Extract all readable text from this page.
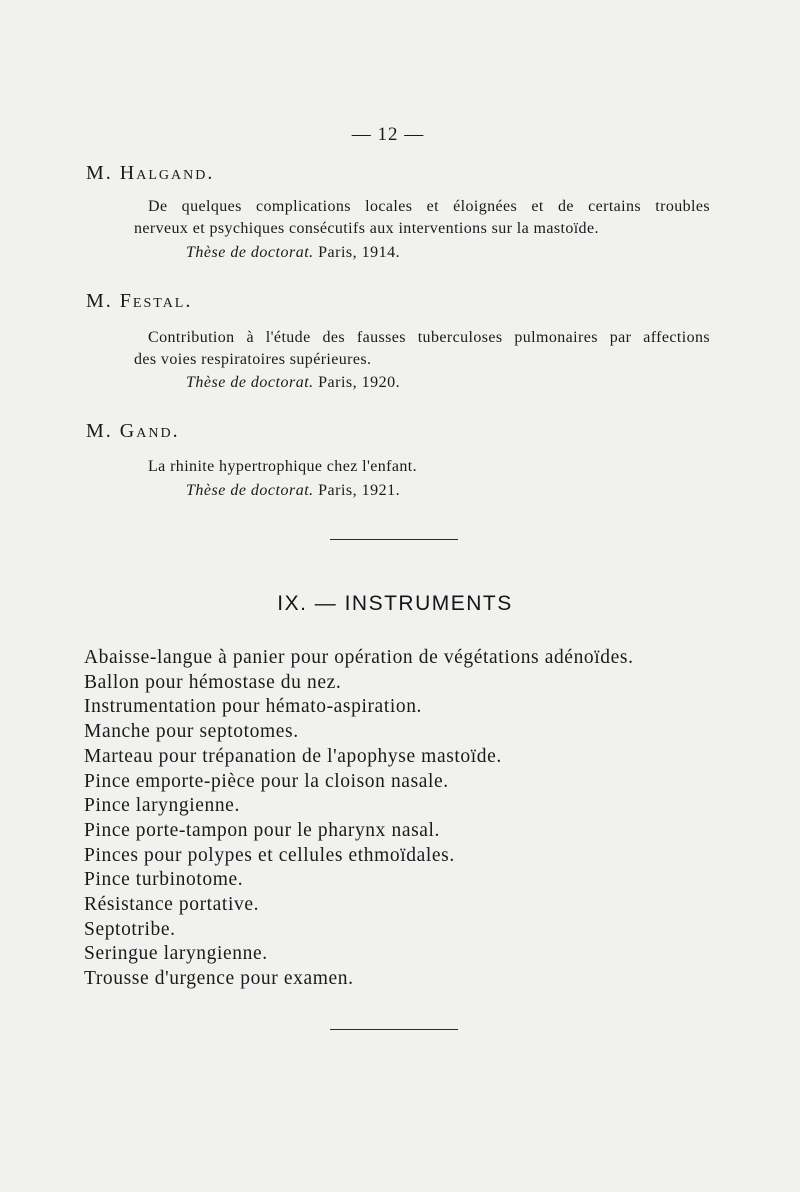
— 12 —
M. Halgand.
De quelques complications locales et éloignées et de certains troubles
nerveux et psychiques consécutifs aux interventions sur la mastoïde.
Thèse de doctorat. Paris, 1914.
M. Festal.
Contribution à l'étude des fausses tuberculoses pulmonaires par affections
des voies respiratoires supérieures.
Thèse de doctorat. Paris, 1920.
M. Gand.
La rhinite hypertrophique chez l'enfant.
Thèse de doctorat. Paris, 1921.
IX. — INSTRUMENTS
Abaisse-langue à panier pour opération de végétations adénoïdes.
Ballon pour hémostase du nez.
Instrumentation pour hémato-aspiration.
Manche pour septotomes.
Marteau pour trépanation de l'apophyse mastoïde.
Pince emporte-pièce pour la cloison nasale.
Pince laryngienne.
Pince porte-tampon pour le pharynx nasal.
Pinces pour polypes et cellules ethmoïdales.
Pince turbinotome.
Résistance portative.
Septotribe.
Seringue laryngienne.
Trousse d'urgence pour examen.
